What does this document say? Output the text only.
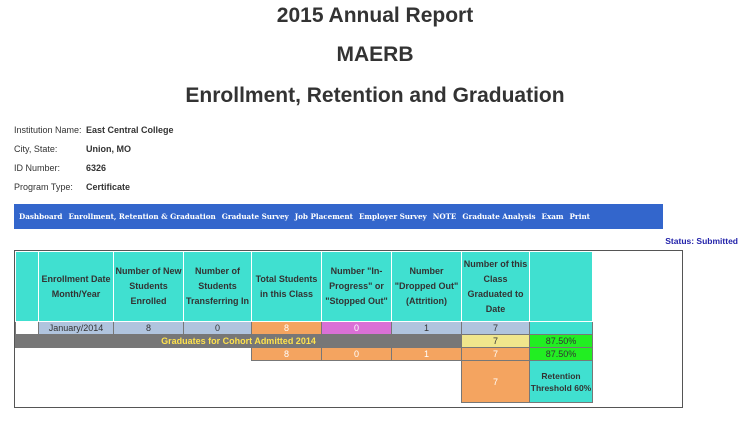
2015 Annual Report
MAERB
Enrollment, Retention and Graduation
Institution Name: East Central College
City, State:	Union, MO
ID Number:	6326
Program Type: Certificate
Dashboard Enrollment, Retention & Graduation Graduate Survey Job Placement Employer Survey NOTE Graduate Analysis Exam Print
Status: Submitted
	Enrollment Date Month/Year	Number of New Students Enrolled	Number of Students Transferring In	Total Students in this Class	Number "In-Progress" or "Stopped Out"	Number "Dropped Out" (Attrition)	Number of this Class Graduated to Date	
	January/2014	8	0	8	0	1	7	
Graduates for Cohort Admitted 2014							7	87.50%
				8	0	1	7	87.50%
							7	Retention Threshold 60%
